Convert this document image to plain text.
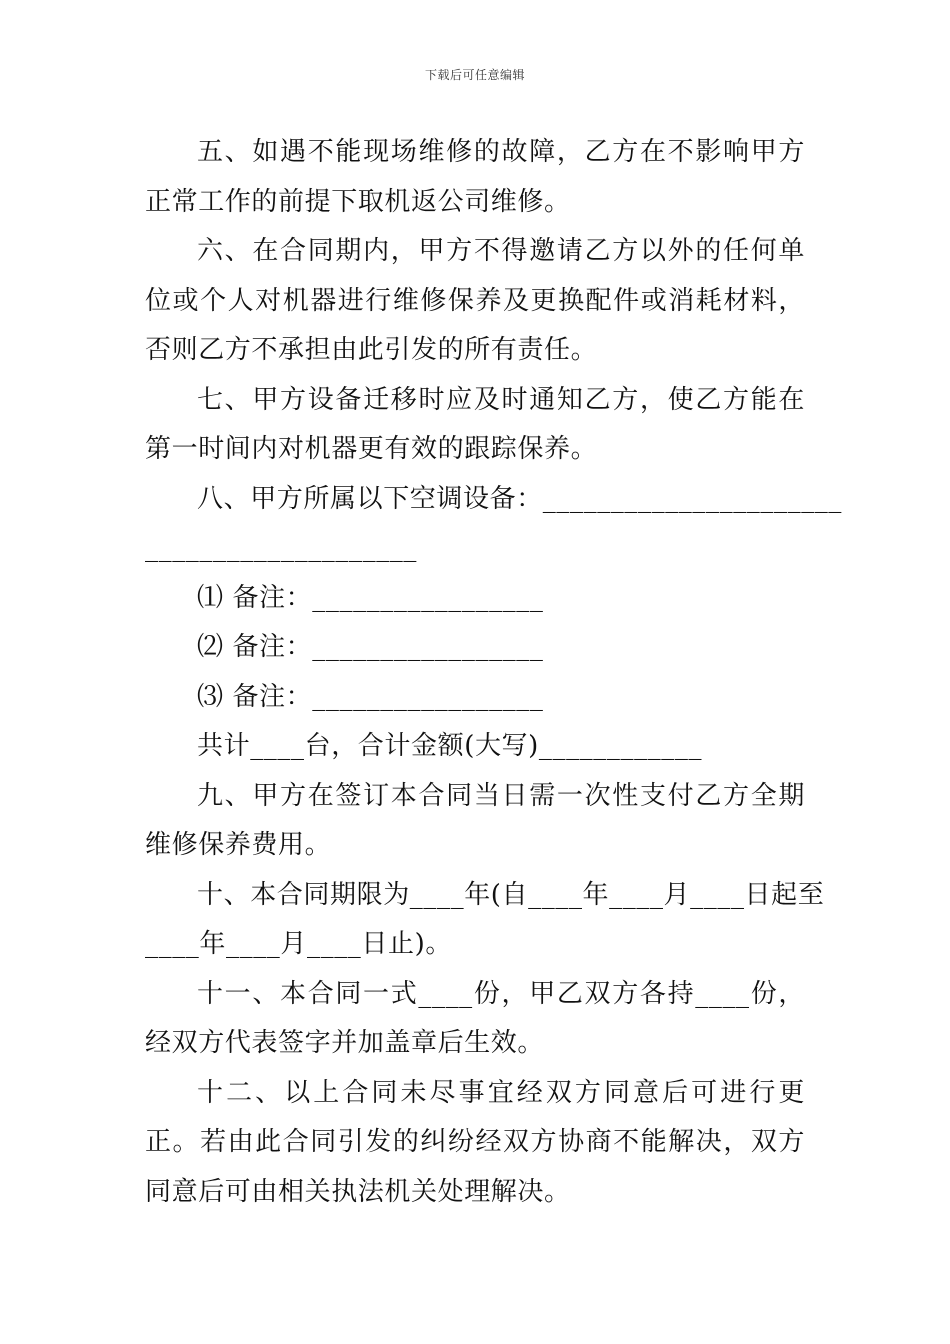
下载后可任意编辑

五、如遇不能现场维修的故障，乙方在不影响甲方正常工作的前提下取机返公司维修。

六、在合同期内，甲方不得邀请乙方以外的任何单位或个人对机器进行维修保养及更换配件或消耗材料，否则乙方不承担由此引发的所有责任。

七、甲方设备迁移时应及时通知乙方，使乙方能在第一时间内对机器更有效的跟踪保养。

八、甲方所属以下空调设备：______________________

____________________

⑴ 备注：_________________

⑵ 备注：_________________

⑶ 备注：_________________

共计____台，合计金额(大写)____________

九、甲方在签订本合同当日需一次性支付乙方全期维修保养费用。

十、本合同期限为____年(自____年____月____日起至

____年____月____日止)。

十一、本合同一式____份，甲乙双方各持____份，经双方代表签字并加盖章后生效。

十二、以上合同未尽事宜经双方同意后可进行更正。若由此合同引发的纠纷经双方协商不能解决，双方同意后可由相关执法机关处理解决。
